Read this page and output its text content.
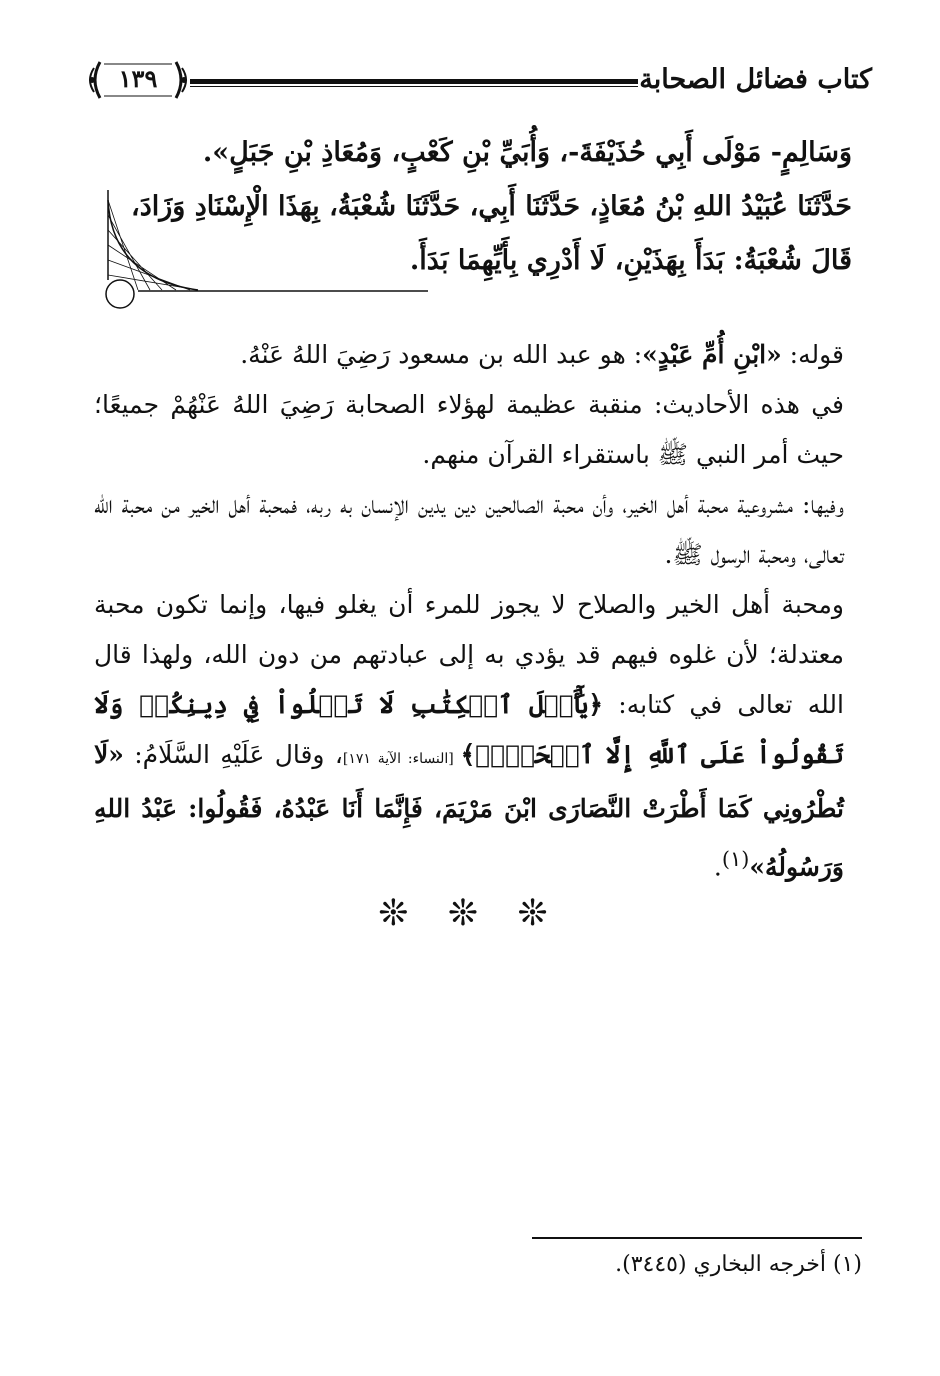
كتاب فضائل الصحابة
١٣٩
وَسَالِمٍ- مَوْلَى أَبِي حُذَيْفَةَ-، وَأُبَيِّ بْنِ كَعْبٍ، وَمُعَاذِ بْنِ جَبَلٍ».
حَدَّثَنَا عُبَيْدُ اللهِ بْنُ مُعَاذٍ، حَدَّثَنَا أَبِي، حَدَّثَنَا شُعْبَةُ، بِهَذَا الْإِسْنَادِ وَزَادَ،
قَالَ شُعْبَةُ: بَدَأَ بِهَذَيْنِ، لَا أَدْرِي بِأَيِّهِمَا بَدَأَ.

قوله: «ابْنِ أُمِّ عَبْدٍ»: هو عبد الله بن مسعود رَضِيَ اللهُ عَنْهُ.

في هذه الأحاديث: منقبة عظيمة لهؤلاء الصحابة رَضِيَ اللهُ عَنْهُمْ جميعًا؛ حيث أمر النبي ﷺ باستقراء القرآن منهم.

وفيها: مشروعية محبة أهل الخير، وأن محبة الصالحين دين يدين الإنسان به ربه، فمحبة أهل الخير من محبة الله تعالى، ومحبة الرسول ﷺ.

ومحبة أهل الخير والصلاح لا يجوز للمرء أن يغلو فيها، وإنما تكون محبة معتدلة؛ لأن غلوه فيهم قد يؤدي به إلى عبادتهم من دون الله، ولهذا قال الله تعالى في كتابه: ﴿يَٰٓأَهۡلَ ٱلۡكِتَٰبِ لَا تَغۡلُواْ فِي دِينِكُمۡ وَلَا تَقُولُواْ عَلَى ٱللَّهِ إِلَّا ٱلۡحَقَّۚ﴾ [النساء: الآية ١٧١]، وقال عَلَيْهِ السَّلَامُ: «لَا تُطْرُونِي كَمَا أَطْرَتْ النَّصَارَى ابْنَ مَرْيَمَ، فَإِنَّمَا أَنَا عَبْدُهُ، فَقُولُوا: عَبْدُ اللهِ وَرَسُولُهُ»$^{(١)}$.

❊ ❊ ❊
(١) أخرجه البخاري (٣٤٤٥).
